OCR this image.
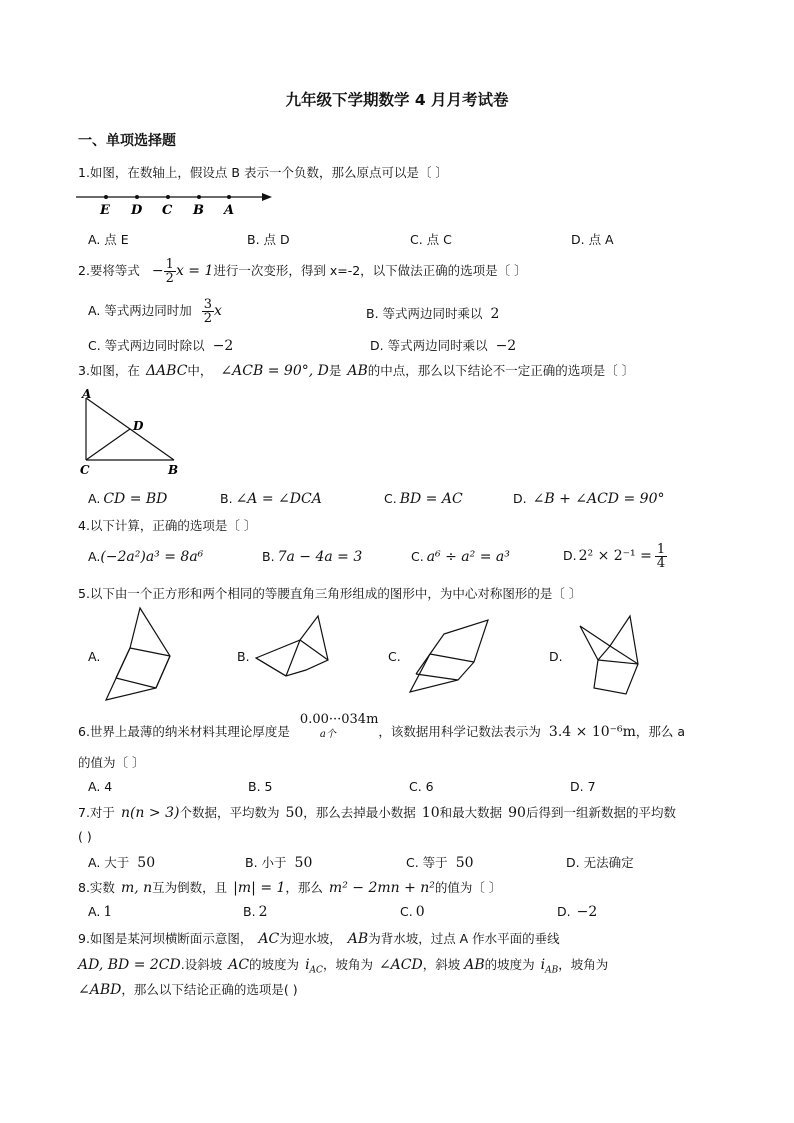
九年级下学期数学 4 月月考试卷
一、单项选择题
1.如图，在数轴上，假设点 B 表示一个负数，那么原点可以是〔 〕
E D C B A
A. 点 E	B. 点 D	C. 点 C	D. 点 A
2.要将等式 − $\frac{1}{2}$ x = 1进行一次变形，得到 x=-2，以下做法正确的选项是〔 〕
A. 等式两边同时加 $\frac{3}{2}$ x	B. 等式两边同时乘以 2
C. 等式两边同时除以 −2	D. 等式两边同时乘以 −2
3.如图，在 ΔABC中， ∠ACB = 90°, D是 AB的中点，那么以下结论不一定正确的选项是〔 〕
A
D
C	B
A. CD = BD	B. ∠A = ∠DCA	C. BD = AC	D. ∠B + ∠ACD = 90°
4.以下计算，正确的选项是〔 〕
A.(−2a²)a³ = 8a⁶	B. 7a − 4a = 3	C. a⁶ ÷ a² = a³	D. $2^2 \times 2^{-1} = \frac{1}{4}$
5.以下由一个正方形和两个相同的等腰直角三角形组成的图形中，为中心对称图形的是〔 〕
A.	B.	C.	D.
6.世界上最薄的纳米材料其理论厚度是
0.00···034m
a个	，该数据用科学记数法表示为 3.4 × 10⁻⁶m，那么 a
的值为〔 〕
A. 4	B. 5	C. 6	D. 7
7.对于 n(n > 3)个数据，平均数为 50，那么去掉最小数据 10和最大数据 90后得到一组新数据的平均数
( )
A. 大于 50	B. 小于 50	C. 等于 50	D. 无法确定
8.实数 m, n互为倒数，且 |m| = 1，那么 m² − 2mn + n²的值为〔 〕
A. 1	B. 2	C. 0	D. −2
9.如图是某河坝横断面示意图， AC为迎水坡， AB为背水坡，过点 A 作水平面的垂线
AD, BD = 2CD.设斜坡 AC的坡度为 $i_{AC}$，坡角为 ∠ACD，斜坡 AB的坡度为 $i_{AB}$，坡角为
∠ABD，那么以下结论正确的选项是( )
